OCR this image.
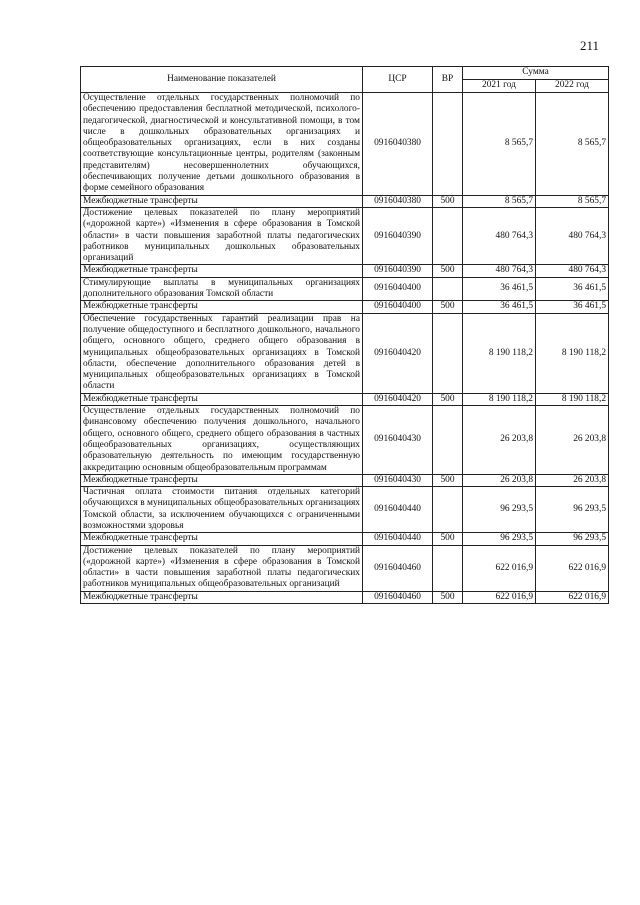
211
Наименование показателей	ЦСР	ВР	Сумма	
			2021 год	2022 год
Осуществление отдельных государственных полномочий по обеспечению предоставления бесплатной методической, психолого-педагогической, диагностической и консультативной помощи, в том числе в дошкольных образовательных организациях и общеобразовательных организациях, если в них созданы соответствующие консультационные центры, родителям (законным представителям) несовершеннолетних обучающихся, обеспечивающих получение детьми дошкольного образования в форме семейного образования	0916040380		8 565,7	8 565,7
Межбюджетные трансферты	0916040380	500	8 565,7	8 565,7
Достижение целевых показателей по плану мероприятий («дорожной карте») «Изменения в сфере образования в Томской области» в части повышения заработной платы педагогических работников муниципальных дошкольных образовательных организаций	0916040390		480 764,3	480 764,3
Межбюджетные трансферты	0916040390	500	480 764,3	480 764,3
Стимулирующие выплаты в муниципальных организациях дополнительного образования Томской области	0916040400		36 461,5	36 461,5
Межбюджетные трансферты	0916040400	500	36 461,5	36 461,5
Обеспечение государственных гарантий реализации прав на получение общедоступного и бесплатного дошкольного, начального общего, основного общего, среднего общего образования в муниципальных общеобразовательных организациях в Томской области, обеспечение дополнительного образования детей в муниципальных общеобразовательных организациях в Томской области	0916040420		8 190 118,2	8 190 118,2
Межбюджетные трансферты	0916040420	500	8 190 118,2	8 190 118,2
Осуществление отдельных государственных полномочий по финансовому обеспечению получения дошкольного, начального общего, основного общего, среднего общего образования в частных общеобразовательных организациях, осуществляющих образовательную деятельность по имеющим государственную аккредитацию основным общеобразовательным программам	0916040430		26 203,8	26 203,8
Межбюджетные трансферты	0916040430	500	26 203,8	26 203,8
Частичная оплата стоимости питания отдельных категорий обучающихся в муниципальных общеобразовательных организациях Томской области, за исключением обучающихся с ограниченными возможностями здоровья	0916040440		96 293,5	96 293,5
Межбюджетные трансферты	0916040440	500	96 293,5	96 293,5
Достижение целевых показателей по плану мероприятий («дорожной карте») «Изменения в сфере образования в Томской области» в части повышения заработной платы педагогических работников муниципальных общеобразовательных организаций	0916040460		622 016,9	622 016,9
Межбюджетные трансферты	0916040460	500	622 016,9	622 016,9
